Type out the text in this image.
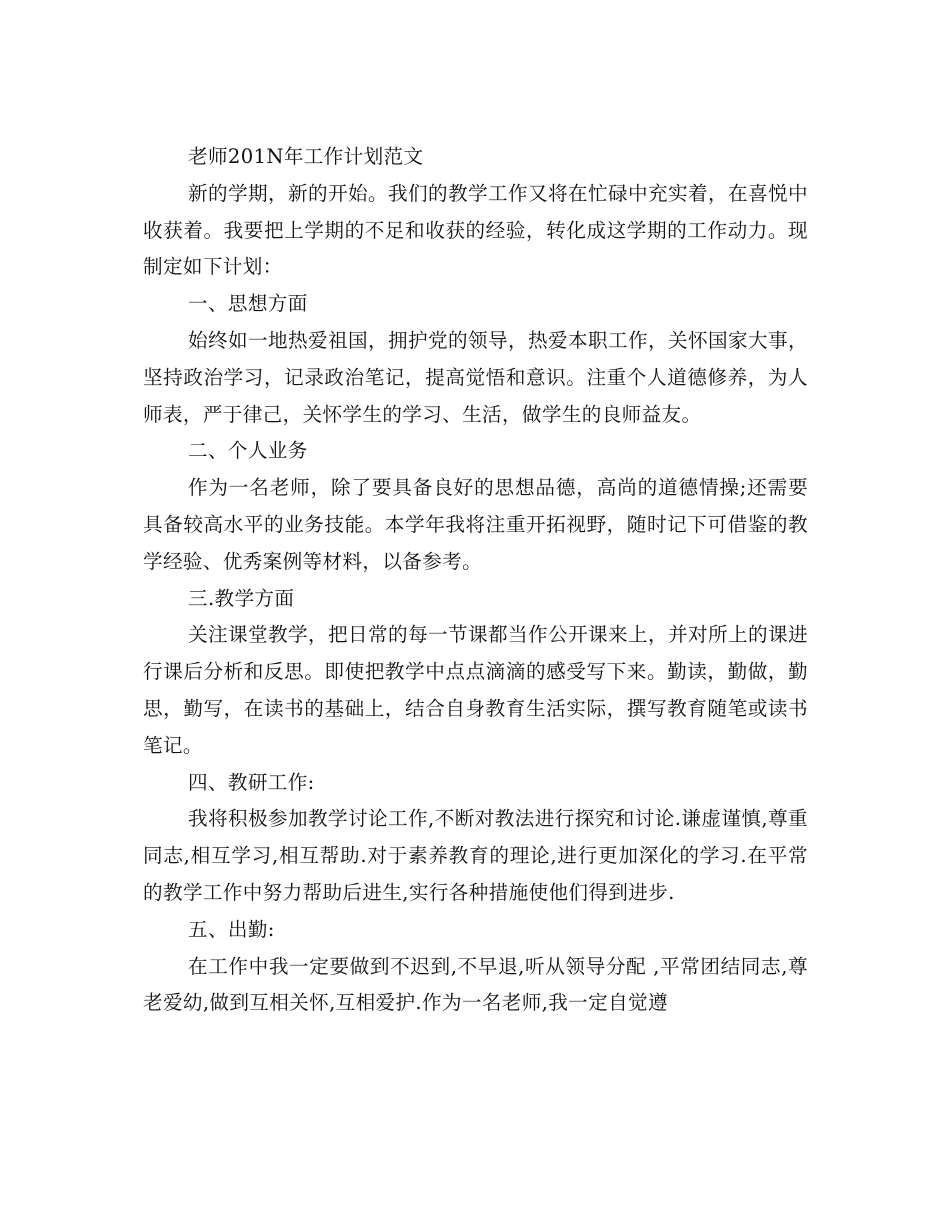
老师201N年工作计划范文

新的学期，新的开始。我们的教学工作又将在忙碌中充实着，在喜悦中收获着。我要把上学期的不足和收获的经验，转化成这学期的工作动力。现制定如下计划：

一、思想方面

始终如一地热爱祖国，拥护党的领导，热爱本职工作，关怀国家大事，坚持政治学习，记录政治笔记，提高觉悟和意识。注重个人道德修养，为人师表，严于律己，关怀学生的学习、生活，做学生的良师益友。

二、个人业务

作为一名老师，除了要具备良好的思想品德，高尚的道德情操;还需要具备较高水平的业务技能。本学年我将注重开拓视野，随时记下可借鉴的教学经验、优秀案例等材料，以备参考。

三.教学方面

关注课堂教学，把日常的每一节课都当作公开课来上，并对所上的课进行课后分析和反思。即使把教学中点点滴滴的感受写下来。勤读，勤做，勤思，勤写，在读书的基础上，结合自身教育生活实际，撰写教育随笔或读书笔记。

四、教研工作:

我将积极参加教学讨论工作,不断对教法进行探究和讨论.谦虚谨慎,尊重同志,相互学习,相互帮助.对于素养教育的理论,进行更加深化的学习.在平常的教学工作中努力帮助后进生,实行各种措施使他们得到进步.

五、出勤:

在工作中我一定要做到不迟到,不早退,听从领导分配 ,平常团结同志,尊老爱幼,做到互相关怀,互相爱护.作为一名老师,我一定自觉遵
